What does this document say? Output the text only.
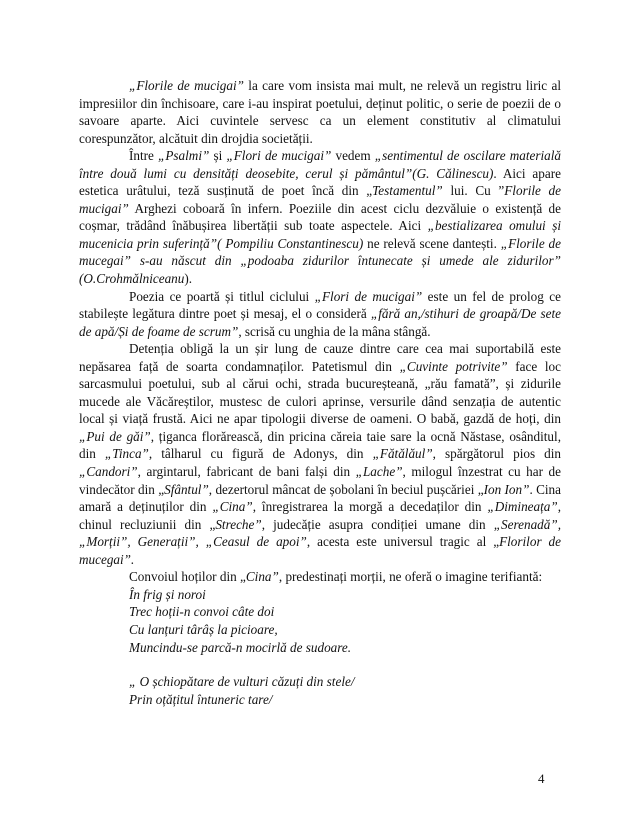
„Florile de mucigai” la care vom insista mai mult, ne relevă un registru liric al impresiilor din închisoare, care i-au inspirat poetului, deținut politic, o serie de poezii de o savoare aparte. Aici cuvintele servesc ca un element constitutiv al climatului corespunzător, alcătuit din drojdia societății.

Între „Psalmi” și „Flori de mucigai” vedem „sentimentul de oscilare materială între două lumi cu densități deosebite, cerul și pământul”(G. Călinescu). Aici apare estetica urâtului, teză susținută de poet încă din „Testamentul” lui. Cu ”Florile de mucigai” Arghezi coboară în infern. Poeziile din acest ciclu dezvăluie o existență de coșmar, trădând înăbușirea libertății sub toate aspectele. Aici „bestializarea omului și mucenicia prin suferință”( Pompiliu Constantinescu) ne relevă scene dantești. „Florile de mucegai” s-au născut din „podoaba zidurilor întunecate și umede ale zidurilor” (O.Crohmălniceanu).

Poezia ce poartă și titlul ciclului „Flori de mucigai” este un fel de prolog ce stabilește legătura dintre poet și mesaj, el o consideră „fără an,/stihuri de groapă/De sete de apă/Și de foame de scrum”, scrisă cu unghia de la mâna stângă.

Detenția obligă la un șir lung de cauze dintre care cea mai suportabilă este nepăsarea față de soarta condamnaților. Patetismul din „Cuvinte potrivite” face loc sarcasmului poetului, sub al cărui ochi, strada bucureșteană, „rău famată”, și zidurile mucede ale Văcăreștilor, mustesc de culori aprinse, versurile dând senzația de autentic local și viață frustă. Aici ne apar tipologii diverse de oameni. O babă, gazdă de hoți, din „Pui de găi”, țiganca florărească, din pricina căreia taie sare la ocnă Năstase, osânditul, din „Tinca”, tâlharul cu figură de Adonys, din „Fătălăul”, spărgătorul pios din „Candori”, argintarul, fabricant de bani falși din „Lache”, milogul înzestrat cu har de vindecător din „Sfântul”, dezertorul mâncat de șobolani în beciul pușcăriei „Ion Ion”. Cina amară a deținuților din „Cina”, înregistrarea la morgă a decedaților din „Dimineața”, chinul recluziunii din „Streche”, judecăție asupra condiției umane din „Serenadă”, „Morții”, Generații”, „Ceasul de apoi”, acesta este universul tragic al „Florilor de mucegai”.

Convoiul hoților din „Cina”, predestinați morții, ne oferă o imagine terifiantă:

În frig și noroi

Trec hoții-n convoi câte doi

Cu lanțuri târâș la picioare,

Muncindu-se parcă-n mocirlă de sudoare.

„ O șchiopătare de vulturi căzuți din stele/

Prin oțățitul întuneric tare/

4
